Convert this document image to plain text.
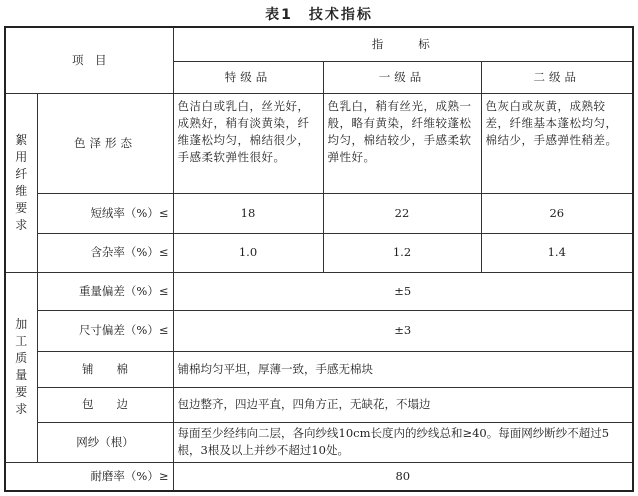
表1　技术指标
项　目		指　　标		
		特级品	一级品	二级品

絮用纤维要求	色泽形态	色洁白或乳白，丝光好，成熟好，稍有淡黄染，纤维蓬松均匀，棉结很少，手感柔软弹性很好。	色乳白，稍有丝光，成熟一般，略有黄染，纤维较蓬松均匀，棉结较少，手感柔软弹性好。	色灰白或灰黄，成熟较差，纤维基本蓬松均匀，棉结少，手感弹性稍差。
	短绒率（%）≤	18	22	26
	含杂率（%）≤	1.0	1.2	1.4

加工质量要求	重量偏差（%）≤	±5		
	尺寸偏差（%）≤	±3		
	铺　　棉	铺棉均匀平坦，厚薄一致，手感无棉块		
	包　　边	包边整齐，四边平直，四角方正，无缺花，不塌边		
	网纱（根）	每面至少经纬向二层，各向纱线10cm长度内的纱线总和≥40。每面网纱断纱不超过5根，3根及以上并纱不超过10处。		
耐磨率（%）≥		80		
